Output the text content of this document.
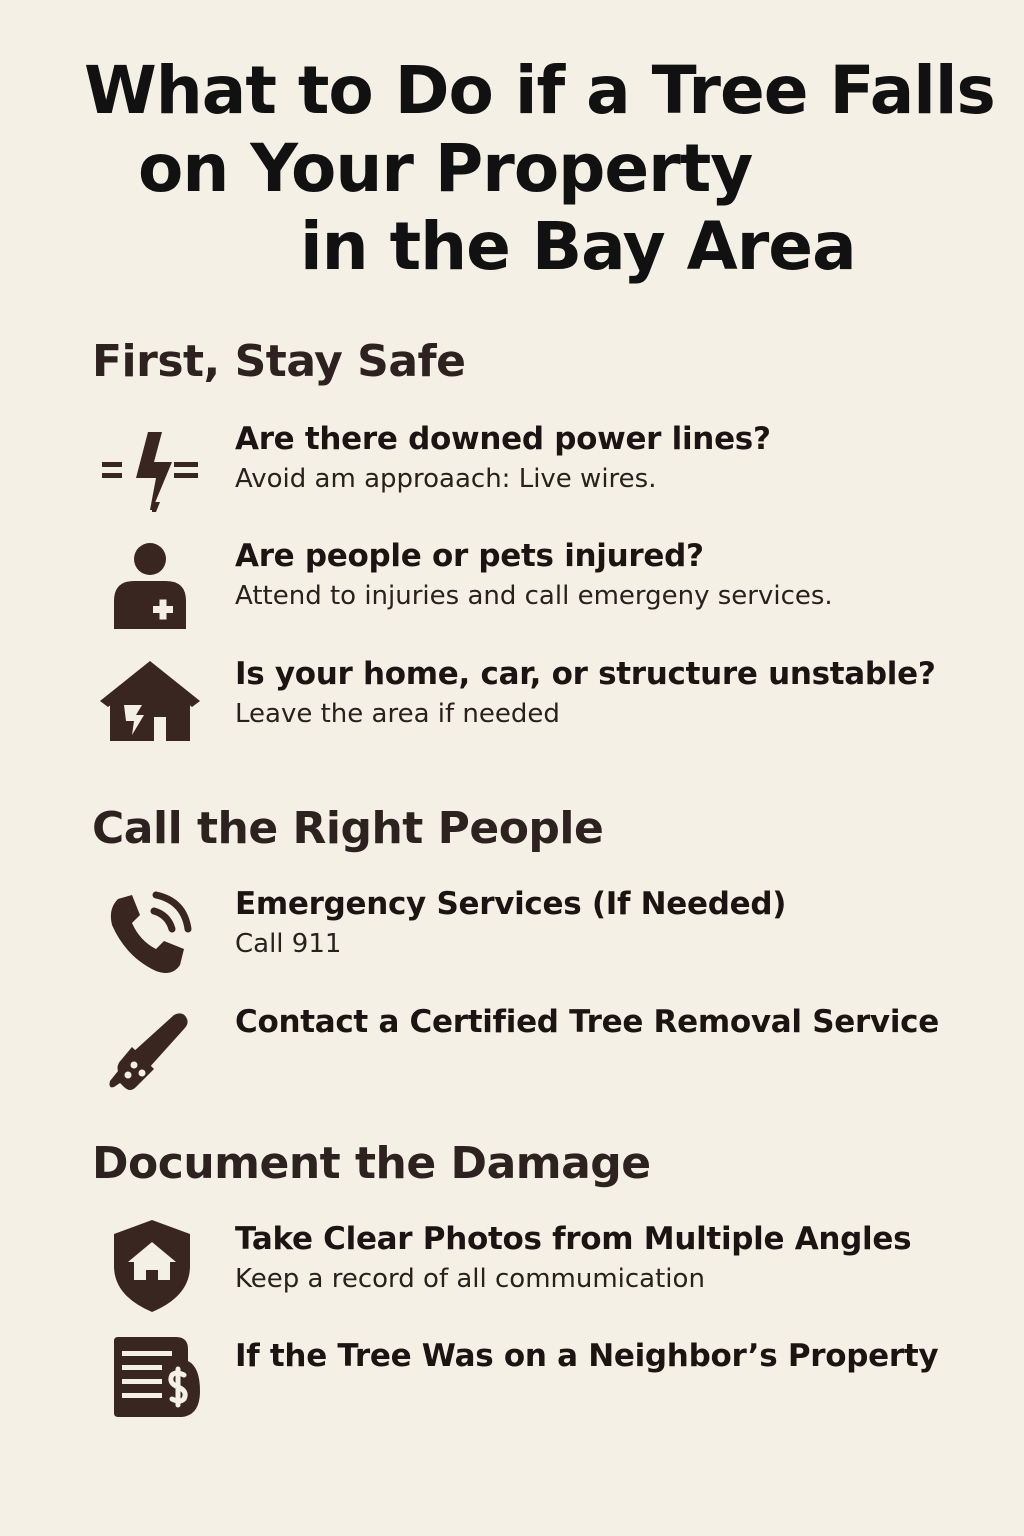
What to Do if a Tree Falls
on Your Property
in the Bay Area
First, Stay Safe
Are there downed power lines?
Avoid am approaach: Live wires.
Are people or pets injured?
Attend to injuries and call emergeny services.
Is your home, car, or structure unstable?
Leave the area if needed
Call the Right People
Emergency Services (If Needed)
Call 911
Contact a Certified Tree Removal Service
Document the Damage
Take Clear Photos from Multiple Angles
Keep a record of all commumication
If the Tree Was on a Neighbor’s Property
